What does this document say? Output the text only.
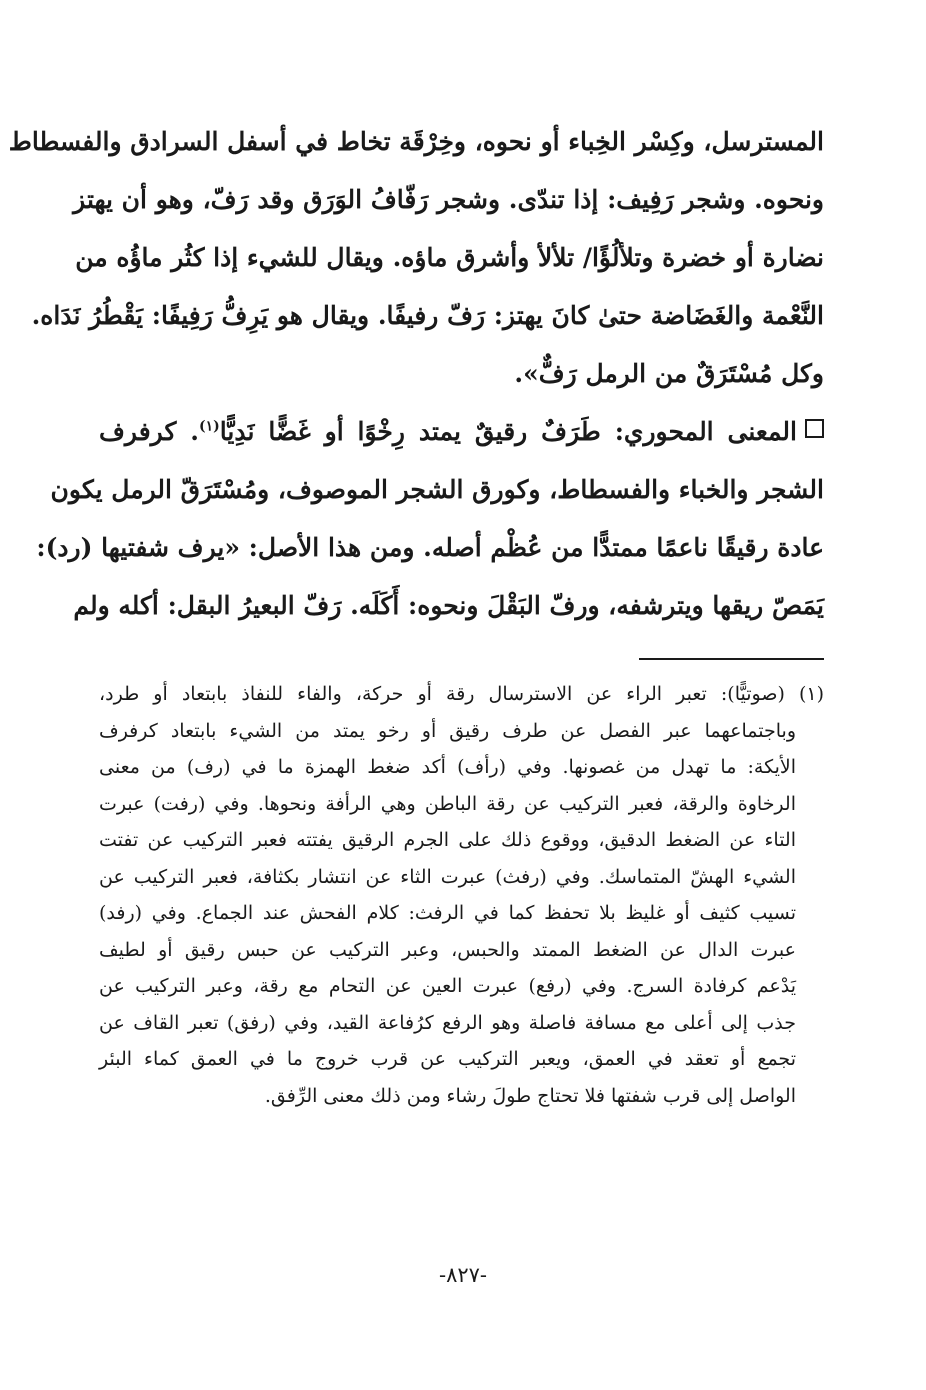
المسترسل، وكِسْر الخِباء أو نحوه، وخِرْقَة تخاط في أسفل السرادق والفسطاط
ونحوه. وشجر رَفِيف: إذا تندّى. وشجر رَفّافُ الوَرَق وقد رَفّ، وهو أن يهتز
نضارة أو خضرة وتلألُؤًا/ تلألأ وأشرق ماؤه. ويقال للشيء إذا كثُر ماؤُه من
النَّعْمة والغَضَاضة حتىٰ كانَ يهتز: رَفّ رفيفًا. ويقال هو يَرِفُّ رَفِيفًا: يَقْطُرُ نَدَاه.
وكل مُسْتَرَقٌ من الرمل رَفٌّ».
المعنى المحوري: طَرَفٌ رقيقٌ يمتد رِخْوًا أو غَضًّا نَدِيًّا$^{(١)}$. كرفرف
الشجر والخباء والفسطاط، وكورق الشجر الموصوف، ومُسْتَرَقّ الرمل يكون
عادة رقيقًا ناعمًا ممتدًّا من عُظْم أصله. ومن هذا الأصل: «يرف شفتيها (رد):
يَمَصّ ريقها ويترشفه، ورفّ البَقْلَ ونحوه: أَكَلَه. رَفّ البعيرُ البقل: أكله ولم
(١) (صوتيًّا): تعبر الراء عن الاسترسال رقة أو حركة، والفاء للنفاذ بابتعاد أو طرد،
وباجتماعهما عبر الفصل عن طرف رقيق أو رخو يمتد من الشيء بابتعاد كرفرف
الأيكة: ما تهدل من غصونها. وفي (رأف) أكد ضغط الهمزة ما في (رف) من معنى
الرخاوة والرقة، فعبر التركيب عن رقة الباطن وهي الرأفة ونحوها. وفي (رفت) عبرت
التاء عن الضغط الدقيق، ووقوع ذلك على الجرم الرقيق يفتته فعبر التركيب عن تفتت
الشيء الهشّ المتماسك. وفي (رفث) عبرت الثاء عن انتشار بكثافة، فعبر التركيب عن
تسيب كثيف أو غليظ بلا تحفظ كما في الرفث: كلام الفحش عند الجماع. وفي (رفد)
عبرت الدال عن الضغط الممتد والحبس، وعبر التركيب عن حبس رقيق أو لطيف
يَدْعم كرفادة السرج. وفي (رفع) عبرت العين عن التحام مع رقة، وعبر التركيب عن
جذب إلى أعلى مع مسافة فاصلة وهو الرفع كرُفاعة القيد، وفي (رفق) تعبر القاف عن
تجمع أو تعقد في العمق، ويعبر التركيب عن قرب خروج ما في العمق كماء البئر
الواصل إلى قرب شفتها فلا تحتاج طولَ رشاء ومن ذلك معنى الرِّفق.
-٨٢٧-
